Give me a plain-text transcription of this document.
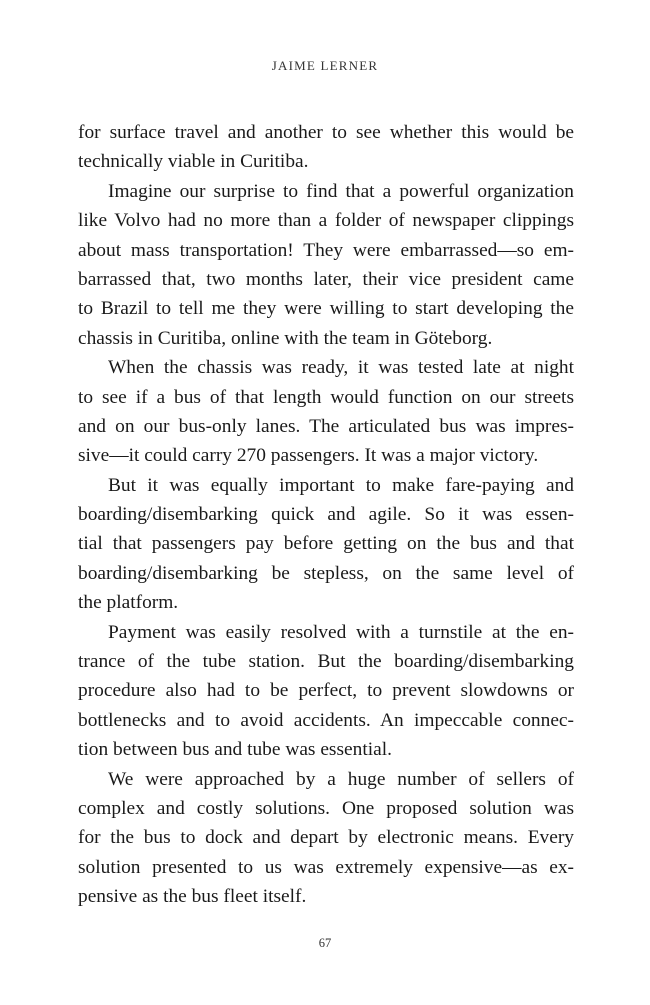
JAIME LERNER
for surface travel and another to see whether this would be
technically viable in Curitiba.
Imagine our surprise to find that a powerful organization
like Volvo had no more than a folder of newspaper clippings
about mass transportation! They were embarrassed—so em-
barrassed that, two months later, their vice president came
to Brazil to tell me they were willing to start developing the
chassis in Curitiba, online with the team in Göteborg.
When the chassis was ready, it was tested late at night
to see if a bus of that length would function on our streets
and on our bus-only lanes. The articulated bus was impres-
sive—it could carry 270 passengers. It was a major victory.
But it was equally important to make fare-paying and
boarding/disembarking quick and agile. So it was essen-
tial that passengers pay before getting on the bus and that
boarding/disembarking be stepless, on the same level of
the platform.
Payment was easily resolved with a turnstile at the en-
trance of the tube station. But the boarding/disembarking
procedure also had to be perfect, to prevent slowdowns or
bottlenecks and to avoid accidents. An impeccable connec-
tion between bus and tube was essential.
We were approached by a huge number of sellers of
complex and costly solutions. One proposed solution was
for the bus to dock and depart by electronic means. Every
solution presented to us was extremely expensive—as ex-
pensive as the bus fleet itself.
67
